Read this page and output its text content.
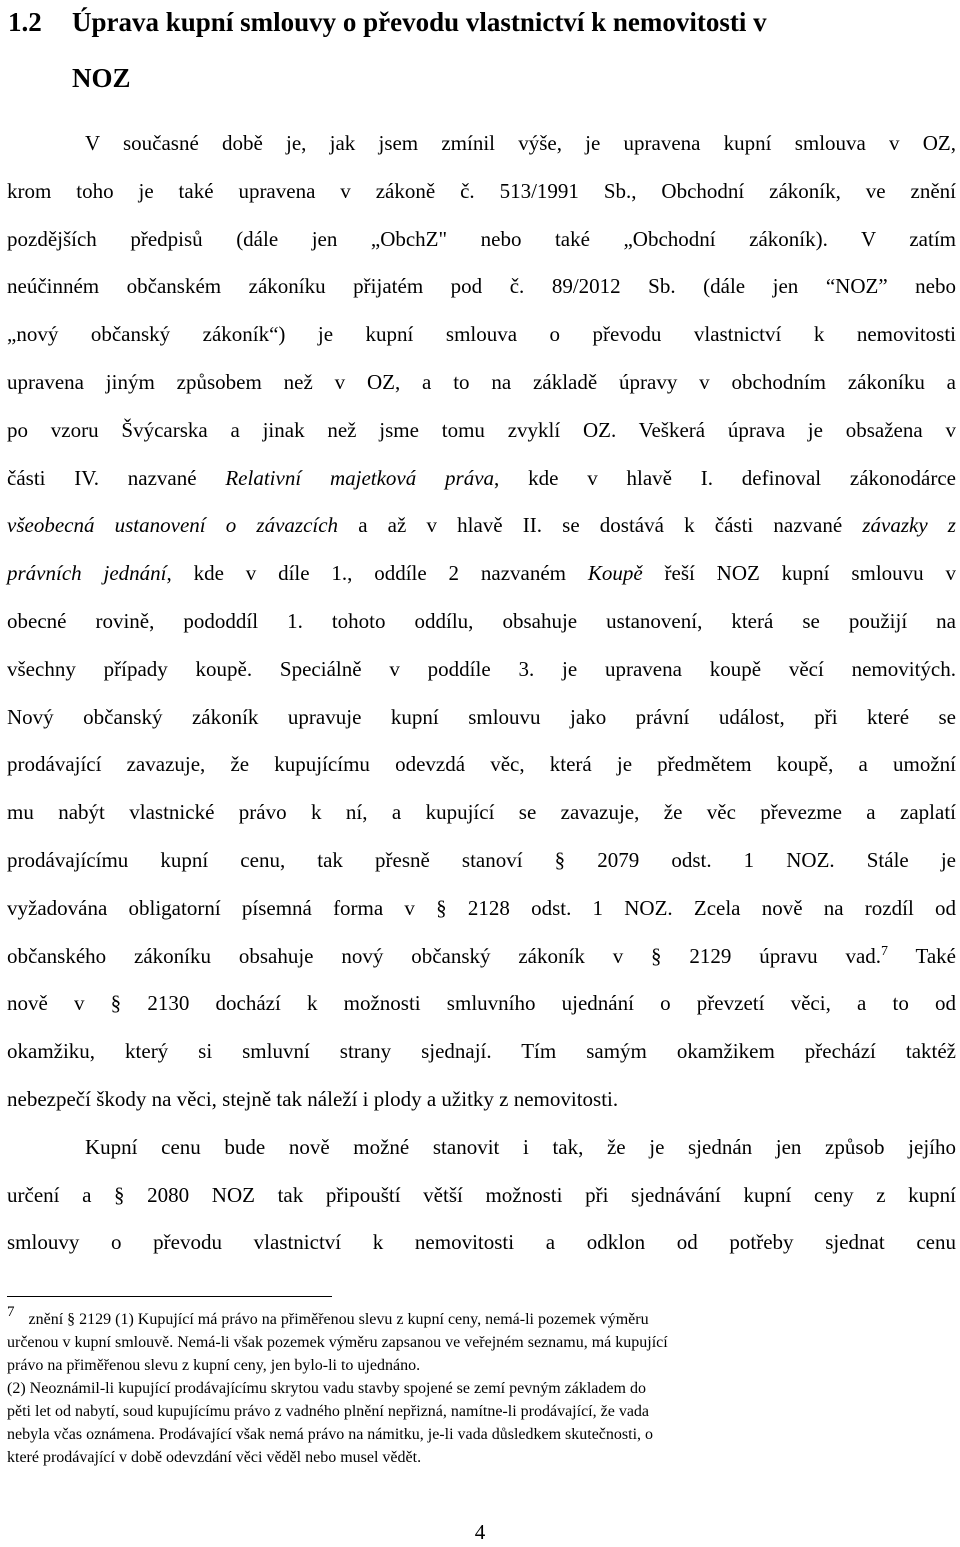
1.2 Úprava kupní smlouvy o převodu vlastnictví k nemovitosti v
NOZ

V současné době je, jak jsem zmínil výše, je upravena kupní smlouva v OZ,

krom toho je také upravena v zákoně č. 513/1991 Sb., Obchodní zákoník, ve znění

pozdějších předpisů (dále jen „ObchZ" nebo také „Obchodní zákoník). V zatím

neúčinném občanském zákoníku přijatém pod č. 89/2012 Sb. (dále jen “NOZ” nebo

„nový občanský zákoník“) je kupní smlouva o převodu vlastnictví k nemovitosti

upravena jiným způsobem než v OZ, a to na základě úpravy v obchodním zákoníku a

po vzoru Švýcarska a jinak než jsme tomu zvyklí OZ. Veškerá úprava je obsažena v

části IV. nazvané Relativní majetková práva, kde v hlavě I. definoval zákonodárce

všeobecná ustanovení o závazcích a až v hlavě II. se dostává k části nazvané závazky z

právních jednání, kde v díle 1., oddíle 2 nazvaném Koupě řeší NOZ kupní smlouvu v

obecné rovině, pododdíl 1. tohoto oddílu, obsahuje ustanovení, která se použijí na

všechny případy koupě. Speciálně v poddíle 3. je upravena koupě věcí nemovitých.

Nový občanský zákoník upravuje kupní smlouvu jako právní událost, při které se

prodávající zavazuje, že kupujícímu odevzdá věc, která je předmětem koupě, a umožní

mu nabýt vlastnické právo k ní, a kupující se zavazuje, že věc převezme a zaplatí

prodávajícímu kupní cenu, tak přesně stanoví § 2079 odst. 1 NOZ. Stále je

vyžadována obligatorní písemná forma v § 2128 odst. 1 NOZ. Zcela nově na rozdíl od

občanského zákoníku obsahuje nový občanský zákoník v § 2129 úpravu vad.$^7$ Také

nově v § 2130 dochází k možnosti smluvního ujednání o převzetí věci, a to od

okamžiku, který si smluvní strany sjednají. Tím samým okamžikem přechází taktéž

nebezpečí škody na věci, stejně tak náleží i plody a užitky z nemovitosti.

Kupní cenu bude nově možné stanovit i tak, že je sjednán jen způsob jejího

určení a § 2080 NOZ tak připouští větší možnosti při sjednávání kupní ceny z kupní

smlouvy o převodu vlastnictví k nemovitosti a odklon od potřeby sjednat cenu

7 znění § 2129 (1) Kupující má právo na přiměřenou slevu z kupní ceny, nemá-li pozemek výměru

určenou v kupní smlouvě. Nemá-li však pozemek výměru zapsanou ve veřejném seznamu, má kupující

právo na přiměřenou slevu z kupní ceny, jen bylo-li to ujednáno.

(2) Neoznámil-li kupující prodávajícímu skrytou vadu stavby spojené se zemí pevným základem do

pěti let od nabytí, soud kupujícímu právo z vadného plnění nepřizná, namítne-li prodávající, že vada

nebyla včas oznámena. Prodávající však nemá právo na námitku, je-li vada důsledkem skutečnosti, o

které prodávající v době odevzdání věci věděl nebo musel vědět.

4
